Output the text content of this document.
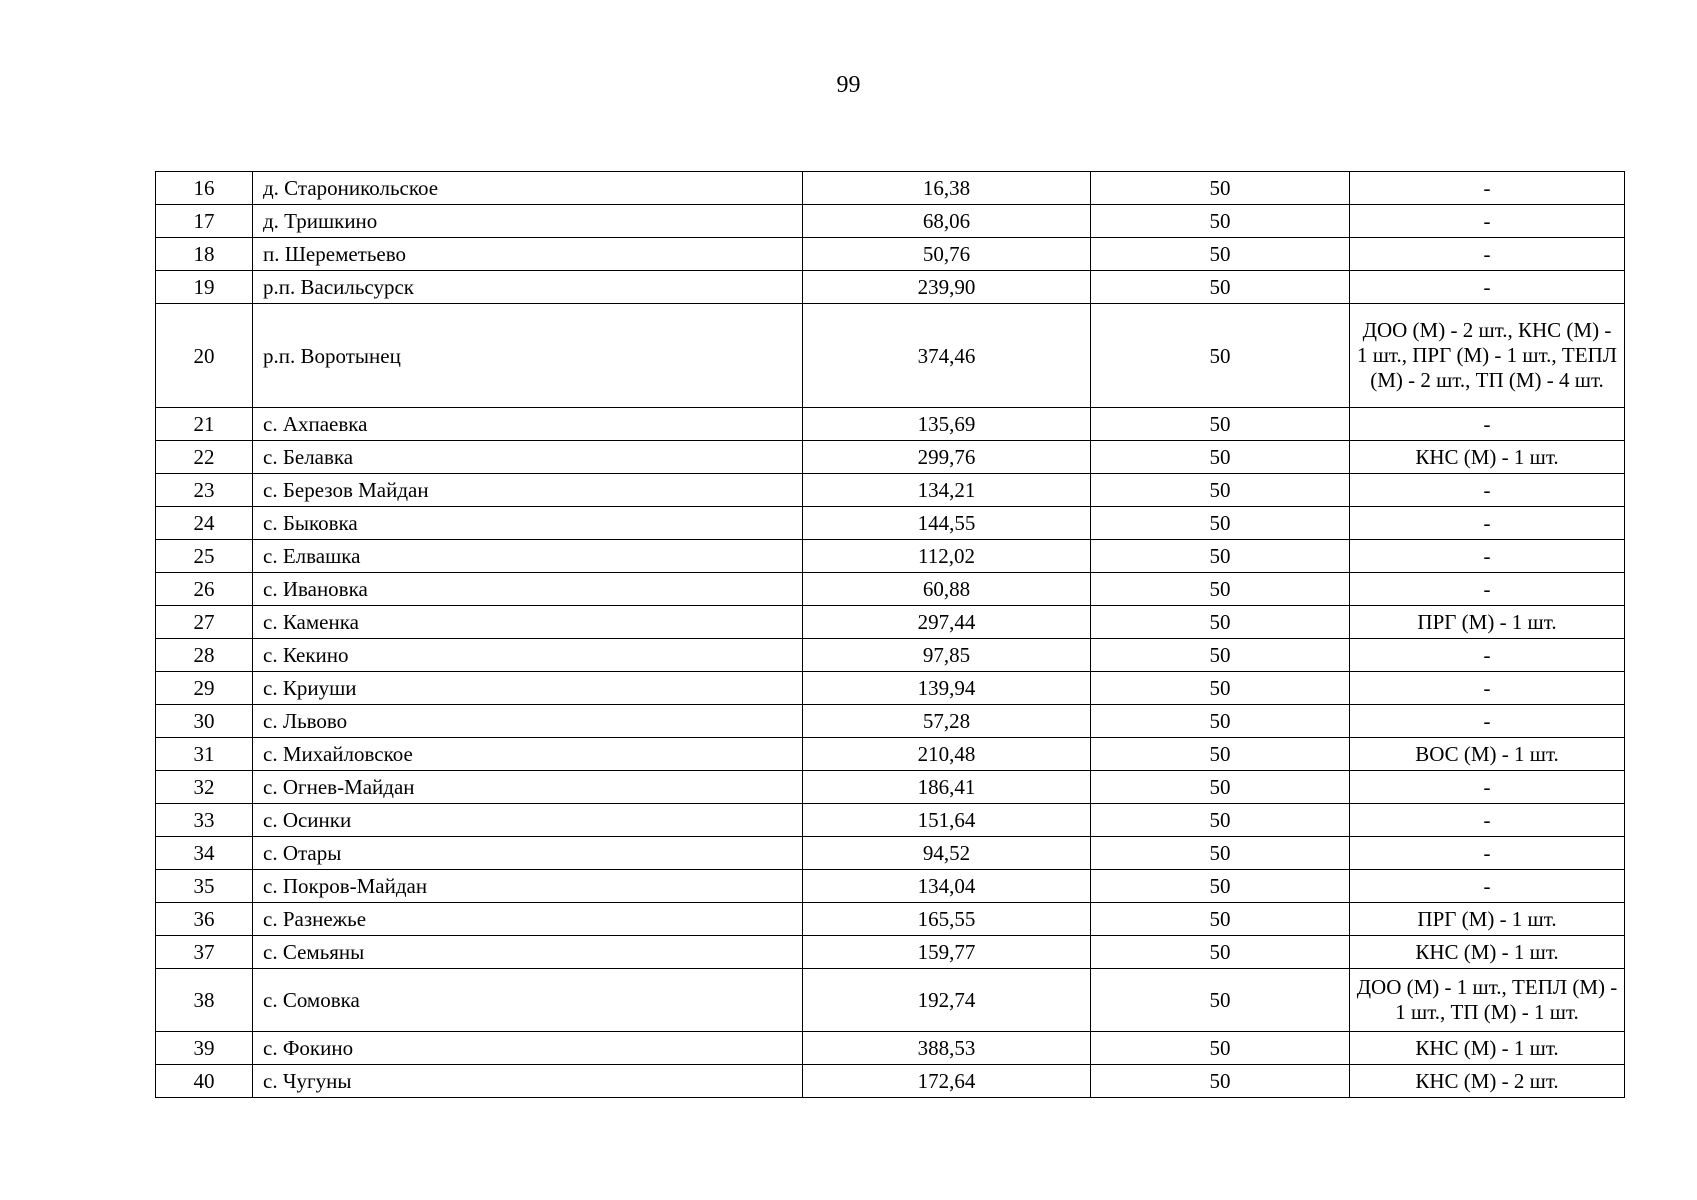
99
16	д. Староникольское	16,38	50	-
17	д. Тришкино	68,06	50	-
18	п. Шереметьево	50,76	50	-
19	р.п. Васильсурск	239,90	50	-
20	р.п. Воротынец	374,46	50	ДОО (М) - 2 шт., КНС (М) - 1 шт., ПРГ (М) - 1 шт., ТЕПЛ (М) - 2 шт., ТП (М) - 4 шт.
21	с. Ахпаевка	135,69	50	-
22	с. Белавка	299,76	50	КНС (М) - 1 шт.
23	с. Березов Майдан	134,21	50	-
24	с. Быковка	144,55	50	-
25	с. Елвашка	112,02	50	-
26	с. Ивановка	60,88	50	-
27	с. Каменка	297,44	50	ПРГ (М) - 1 шт.
28	с. Кекино	97,85	50	-
29	с. Криуши	139,94	50	-
30	с. Львово	57,28	50	-
31	с. Михайловское	210,48	50	ВОС (М) - 1 шт.
32	с. Огнев-Майдан	186,41	50	-
33	с. Осинки	151,64	50	-
34	с. Отары	94,52	50	-
35	с. Покров-Майдан	134,04	50	-
36	с. Разнежье	165,55	50	ПРГ (М) - 1 шт.
37	с. Семьяны	159,77	50	КНС (М) - 1 шт.
38	с. Сомовка	192,74	50	ДОО (М) - 1 шт., ТЕПЛ (М) - 1 шт., ТП (М) - 1 шт.
39	с. Фокино	388,53	50	КНС (М) - 1 шт.
40	с. Чугуны	172,64	50	КНС (М) - 2 шт.
